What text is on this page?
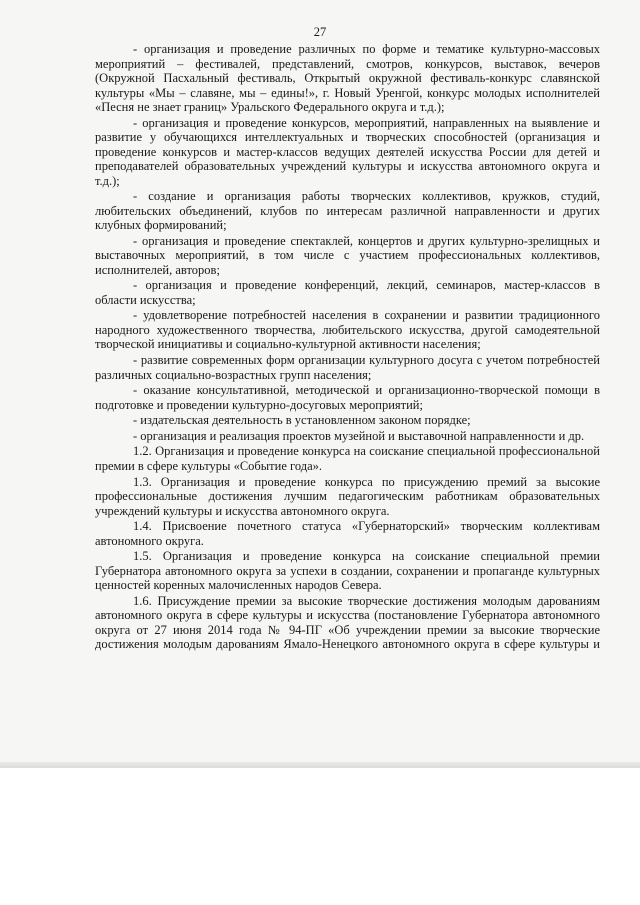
27

- организация и проведение различных по форме и тематике культурно-массовых мероприятий – фестивалей, представлений, смотров, конкурсов, выставок, вечеров (Окружной Пасхальный фестиваль, Открытый окружной фестиваль-конкурс славянской культуры «Мы – славяне, мы – едины!», г. Новый Уренгой, конкурс молодых исполнителей «Песня не знает границ» Уральского Федерального округа и т.д.);

- организация и проведение конкурсов, мероприятий, направленных на выявление и развитие у обучающихся интеллектуальных и творческих способностей (организация и проведение конкурсов и мастер-классов ведущих деятелей искусства России для детей и преподавателей образовательных учреждений культуры и искусства автономного округа и т.д.);

- создание и организация работы творческих коллективов, кружков, студий, любительских объединений, клубов по интересам различной направленности и других клубных формирований;

- организация и проведение спектаклей, концертов и других культурно-зрелищных и выставочных мероприятий, в том числе с участием профессиональных коллективов, исполнителей, авторов;

- организация и проведение конференций, лекций, семинаров, мастер-классов в области искусства;

- удовлетворение потребностей населения в сохранении и развитии традиционного народного художественного творчества, любительского искусства, другой самодеятельной творческой инициативы и социально-культурной активности населения;

- развитие современных форм организации культурного досуга с учетом потребностей различных социально-возрастных групп населения;

- оказание консультативной, методической и организационно-творческой помощи в подготовке и проведении культурно-досуговых мероприятий;

- издательская деятельность в установленном законом порядке;

- организация и реализация проектов музейной и выставочной направленности и др.

1.2. Организация и проведение конкурса на соискание специальной профессиональной премии в сфере культуры «Событие года».

1.3. Организация и проведение конкурса по присуждению премий за высокие профессиональные достижения лучшим педагогическим работникам образовательных учреждений культуры и искусства автономного округа.

1.4. Присвоение почетного статуса «Губернаторский» творческим коллективам автономного округа.

1.5. Организация и проведение конкурса на соискание специальной премии Губернатора автономного округа за успехи в создании, сохранении и пропаганде культурных ценностей коренных малочисленных народов Севера.

1.6. Присуждение премии за высокие творческие достижения молодым дарованиям автономного округа в сфере культуры и искусства (постановление Губернатора автономного округа от 27 июня 2014 года № 94-ПГ «Об учреждении премии за высокие творческие достижения молодым дарованиям Ямало-Ненецкого автономного округа в сфере культуры и
